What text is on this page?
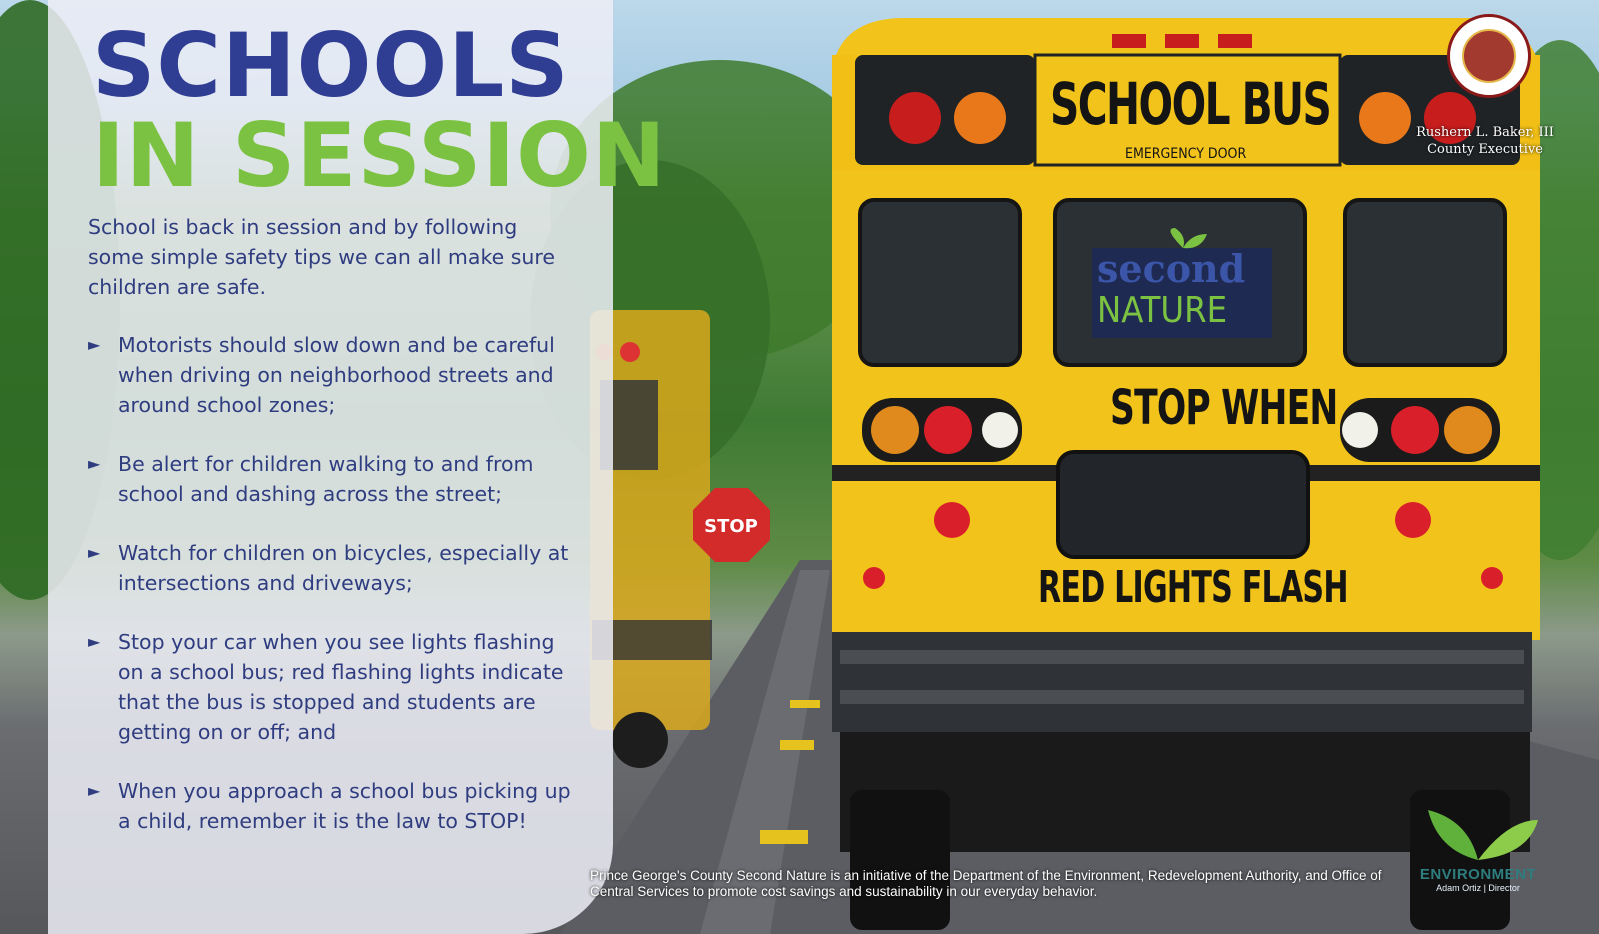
STOP
SCHOOL BUS
EMERGENCY DOOR
STOP WHEN
RED LIGHTS FLASH
second
NATURE
Rushern L. Baker, III
County Executive
SCHOOLS
IN SESSION

School is back in session and by following some simple safety tips we can all make sure children are safe.

► Motorists should slow down and be careful when driving on neighborhood streets and around school zones;
► Be alert for children walking to and from school and dashing across the street;
► Watch for children on bicycles, especially at intersections and driveways;
► Stop your car when you see lights flashing on a school bus; red flashing lights indicate that the bus is stopped and students are getting on or off; and
► When you approach a school bus picking up a child, remember it is the law to STOP!

Prince George's County Second Nature is an initiative of the Department of the Environment, Redevelopment Authority, and Office of Central Services to promote cost savings and sustainability in our everyday behavior.

ENVIRONMENT
Adam Ortiz | Director
